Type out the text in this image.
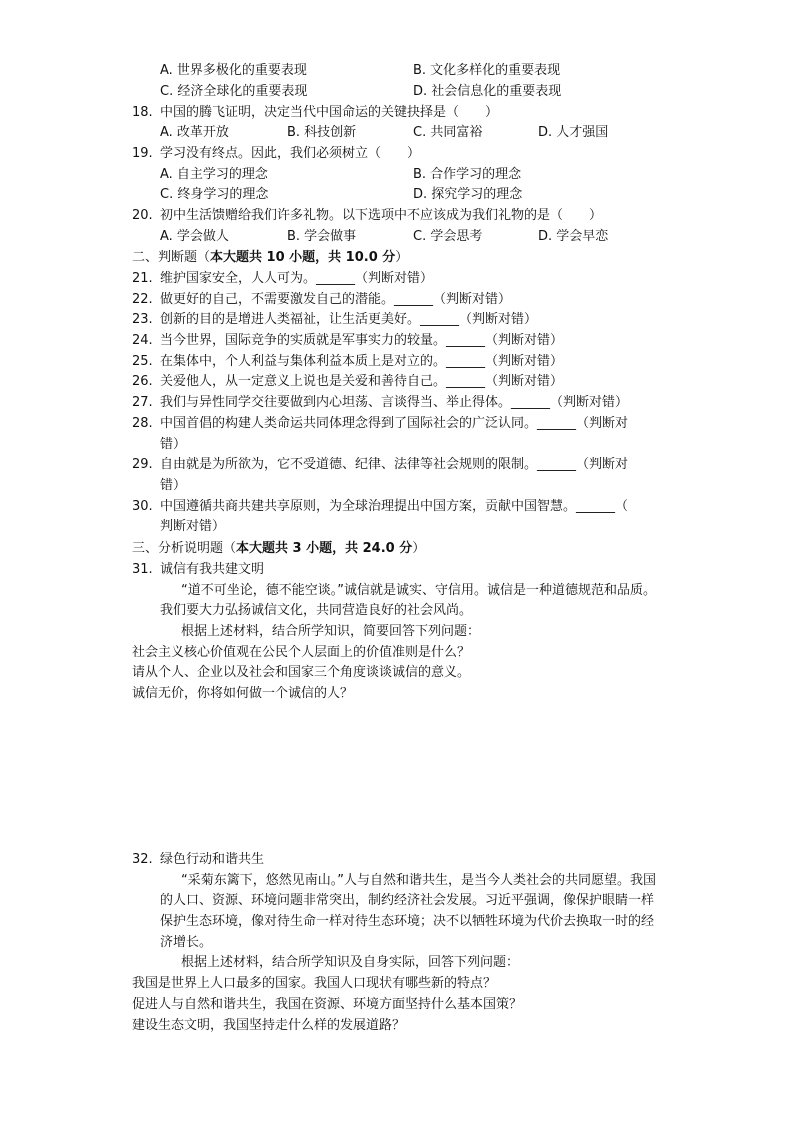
A. 世界多极化的重要表现	B. 文化多样化的重要表现
C. 经济全球化的重要表现	D. 社会信息化的重要表现
18. 中国的腾飞证明，决定当代中国命运的关键抉择是（　　）
A. 改革开放	B. 科技创新	C. 共同富裕	D. 人才强国
19. 学习没有终点。因此，我们必须树立（　　）
A. 自主学习的理念	B. 合作学习的理念
C. 终身学习的理念	D. 探究学习的理念
20. 初中生活馈赠给我们许多礼物。以下选项中不应该成为我们礼物的是（　　）
A. 学会做人	B. 学会做事	C. 学会思考	D. 学会早恋
二、判断题（本大题共 10 小题，共 10.0 分）
21. 维护国家安全，人人可为。______（判断对错）
22. 做更好的自己，不需要激发自己的潜能。______（判断对错）
23. 创新的目的是增进人类福祉，让生活更美好。______（判断对错）
24. 当今世界，国际竞争的实质就是军事实力的较量。______（判断对错）
25. 在集体中，个人利益与集体利益本质上是对立的。______（判断对错）
26. 关爱他人，从一定意义上说也是关爱和善待自己。______（判断对错）
27. 我们与异性同学交往要做到内心坦荡、言谈得当、举止得体。______（判断对错）
28. 中国首倡的构建人类命运共同体理念得到了国际社会的广泛认同。______（判断对
错）
29. 自由就是为所欲为，它不受道德、纪律、法律等社会规则的限制。______（判断对
错）
30. 中国遵循共商共建共享原则，为全球治理提出中国方案，贡献中国智慧。______（
判断对错）
三、分析说明题（本大题共 3 小题，共 24.0 分）
31. 诚信有我共建文明
“道不可坐论，德不能空谈。”诚信就是诚实、守信用。诚信是一种道德规范和品质。我们要大力弘扬诚信文化，共同营造良好的社会风尚。
根据上述材料，结合所学知识，简要回答下列问题：
社会主义核心价值观在公民个人层面上的价值准则是什么？
请从个人、企业以及社会和国家三个角度谈谈诚信的意义。
诚信无价，你将如何做一个诚信的人？
32. 绿色行动和谐共生
“采菊东篱下，悠然见南山。”人与自然和谐共生，是当今人类社会的共同愿望。我国的人口、资源、环境问题非常突出，制约经济社会发展。习近平强调，像保护眼睛一样保护生态环境，像对待生命一样对待生态环境；决不以牺牲环境为代价去换取一时的经济增长。
根据上述材料，结合所学知识及自身实际，回答下列问题：
我国是世界上人口最多的国家。我国人口现状有哪些新的特点？
促进人与自然和谐共生，我国在资源、环境方面坚持什么基本国策？
建设生态文明，我国坚持走什么样的发展道路？
